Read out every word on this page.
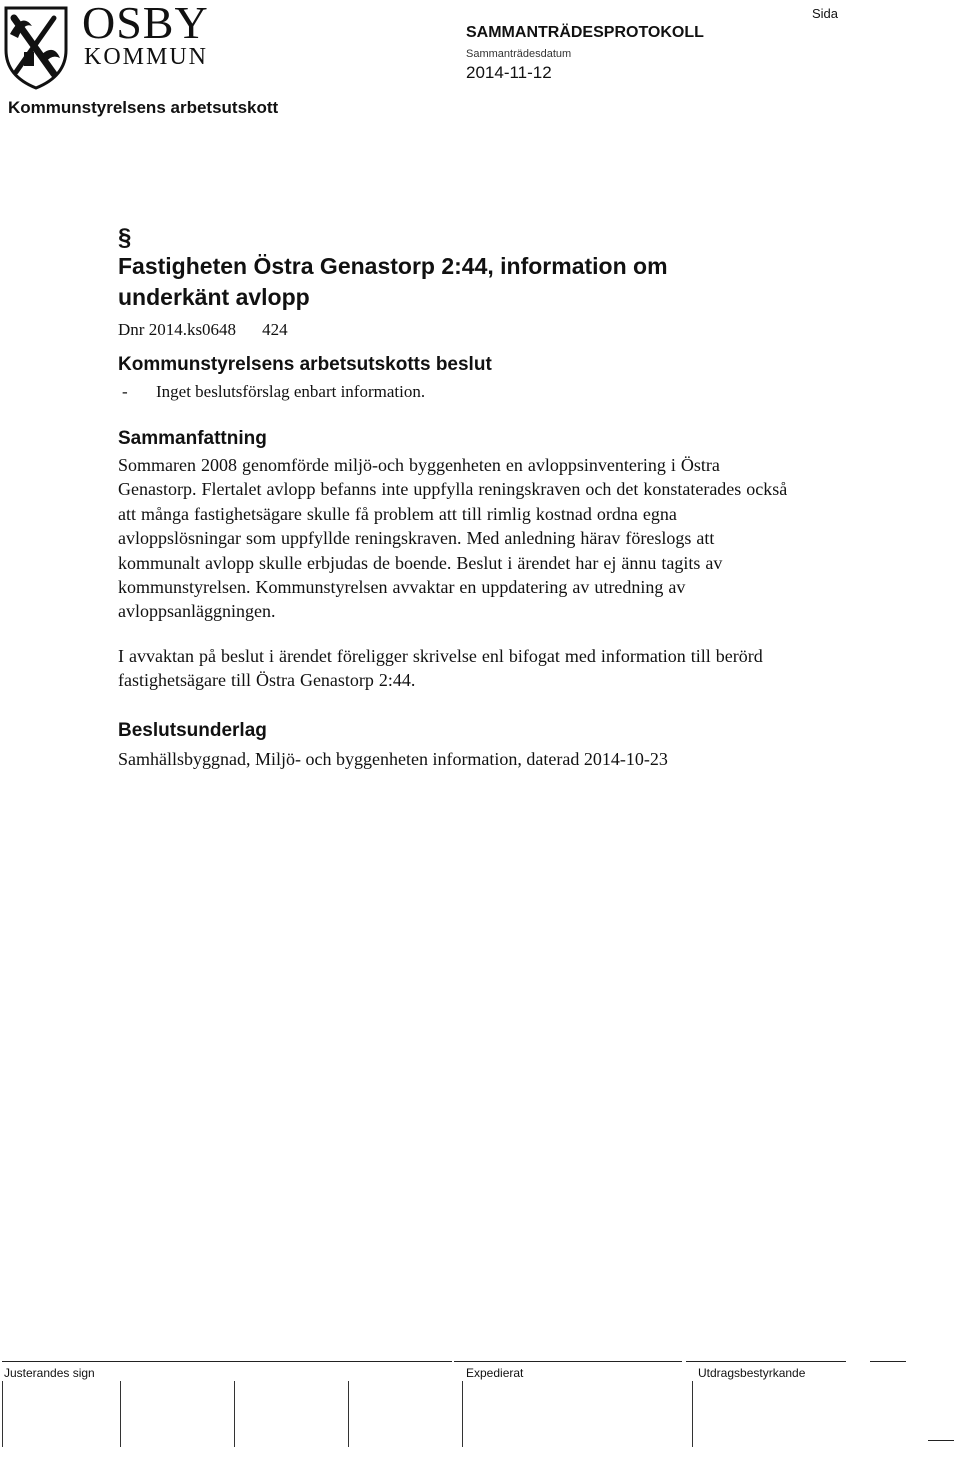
OSBY
KOMMUN
SAMMANTRÄDESPROTOKOLL
Sammanträdesdatum
2014-11-12
Sida
Kommunstyrelsens arbetsutskott
§
Fastigheten Östra Genastorp 2:44, information om
underkänt avlopp
Dnr 2014.ks0648 424
Kommunstyrelsens arbetsutskotts beslut
-	Inget beslutsförslag enbart information.
Sammanfattning

Sommaren 2008 genomförde miljö-och byggenheten en avloppsinventering i Östra Genastorp. Flertalet avlopp befanns inte uppfylla reningskraven och det konstaterades också att många fastighetsägare skulle få problem att till rimlig kostnad ordna egna avloppslösningar som uppfyllde reningskraven. Med anledning härav föreslogs att kommunalt avlopp skulle erbjudas de boende. Beslut i ärendet har ej ännu tagits av kommunstyrelsen. Kommunstyrelsen avvaktar en uppdatering av utredning av avloppsanläggningen.

I avvaktan på beslut i ärendet föreligger skrivelse enl bifogat med information till berörd fastighetsägare till Östra Genastorp 2:44.

Beslutsunderlag
Samhällsbyggnad, Miljö- och byggenheten information, daterad 2014-10-23
Justerandes sign	Expedierat	Utdragsbestyrkande
